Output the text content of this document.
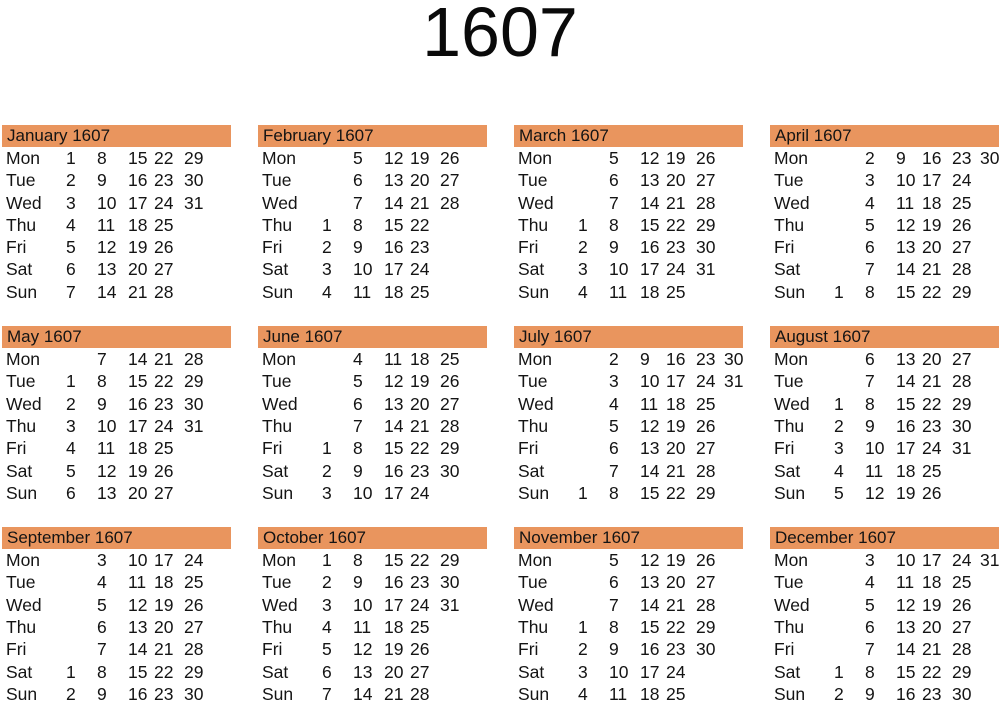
1607
January 1607
Mon	1	8	15 22 29
Tue	2	9	16 23 30
Wed	3	10 17 24 31
Thu	4	11 18 25
Fri	5	12 19 26
Sat	6	13 20 27
Sun	7	14 21 28
February 1607
Mon	5	12 19 26
Tue	6	13 20 27
Wed	7	14 21 28
Thu	1	8	15 22
Fri	2	9	16 23
Sat	3	10 17 24
Sun	4	11 18 25
March 1607
Mon	5	12 19 26
Tue	6	13 20 27
Wed	7	14 21 28
Thu	1	8	15 22 29
Fri	2	9	16 23 30
Sat	3	10 17 24 31
Sun	4	11 18 25
April 1607
Mon	2	9 16 23 30
Tue	3	10 17 24
Wed	4	11 18 25
Thu	5	12 19 26
Fri	6	13 20 27
Sat	7	14 21 28
Sun	1	8	15 22 29
May 1607
Mon	7	14 21 28
Tue	1	8	15 22 29
Wed	2	9	16 23 30
Thu	3	10 17 24 31
Fri	4	11 18 25
Sat	5	12 19 26
Sun	6	13 20 27
June 1607
Mon	4	11 18 25
Tue	5	12 19 26
Wed	6	13 20 27
Thu	7	14 21 28
Fri	1	8	15 22 29
Sat	2	9	16 23 30
Sun	3	10 17 24
July 1607
Mon	2	9 16 23 30
Tue	3	10 17 24 31
Wed	4	11 18 25
Thu	5	12 19 26
Fri	6	13 20 27
Sat	7	14 21 28
Sun	1	8	15 22 29
August 1607
Mon	6	13 20 27
Tue	7	14 21 28
Wed	1	8	15 22 29
Thu	2	9	16 23 30
Fri	3	10 17 24 31
Sat	4	11 18 25
Sun	5	12 19 26
September 1607
Mon	3	10 17 24
Tue	4	11 18 25
Wed	5	12 19 26
Thu	6	13 20 27
Fri	7	14 21 28
Sat	1	8	15 22 29
Sun	2	9	16 23 30
October 1607
Mon	1	8	15 22 29
Tue	2	9	16 23 30
Wed	3	10 17 24 31
Thu	4	11 18 25
Fri	5	12 19 26
Sat	6	13 20 27
Sun	7	14 21 28
November 1607
Mon	5	12 19 26
Tue	6	13 20 27
Wed	7	14 21 28
Thu	1	8	15 22 29
Fri	2	9	16 23 30
Sat	3	10 17 24
Sun	4	11 18 25
December 1607
Mon	3	10 17 24 31
Tue	4	11 18 25
Wed	5	12 19 26
Thu	6	13 20 27
Fri	7	14 21 28
Sat	1	8	15 22 29
Sun	2	9	16 23 30
